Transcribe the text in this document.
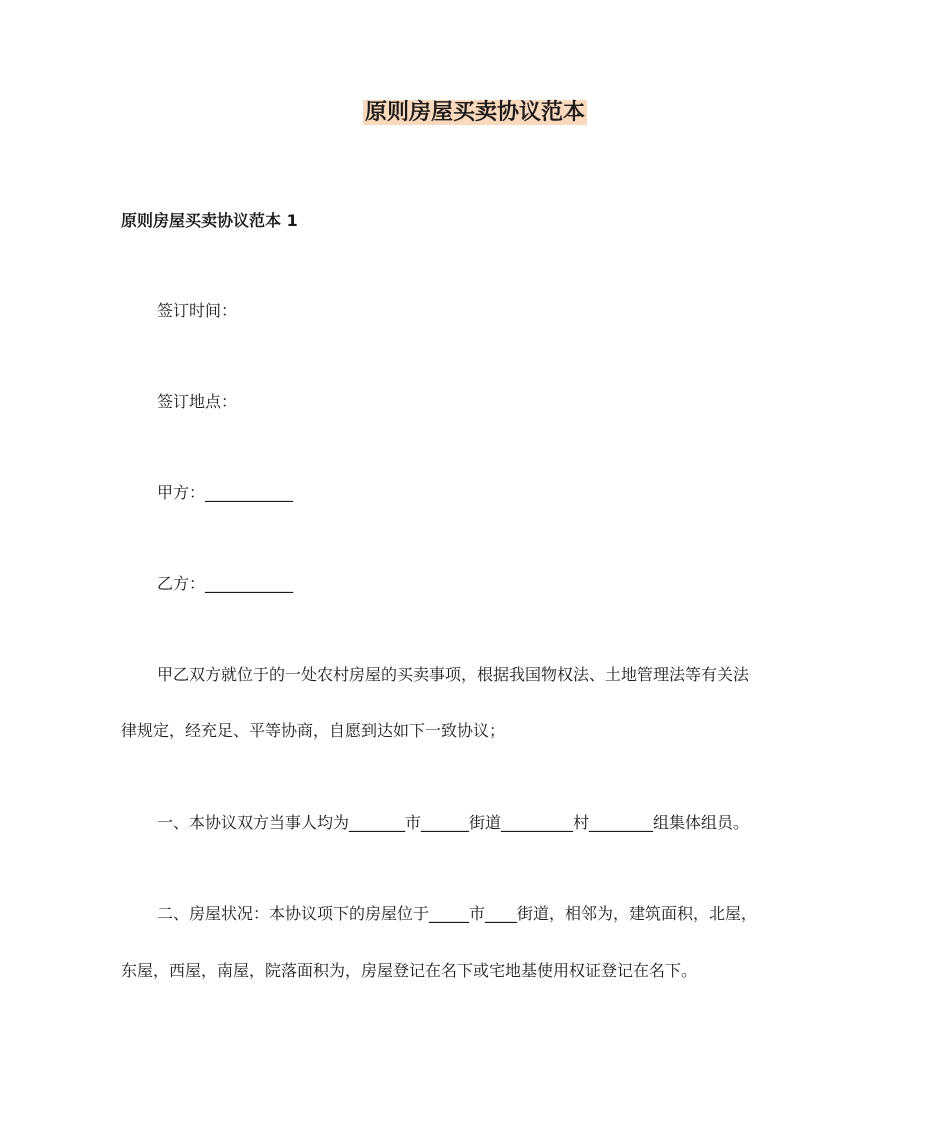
原则房屋买卖协议范本
原则房屋买卖协议范本 1
签订时间：
签订地点：
甲方：___________
乙方：___________
甲乙双方就位于的一处农村房屋的买卖事项，根据我国物权法、土地管理法等有关法
律规定，经充足、平等协商，自愿到达如下一致协议；
一、本协议双方当事人均为_______市______街道_________村________组集体组员。
二、房屋状况：本协议项下的房屋位于_____市____街道，相邻为，建筑面积，北屋，
东屋，西屋，南屋，院落面积为，房屋登记在名下或宅地基使用权证登记在名下。
